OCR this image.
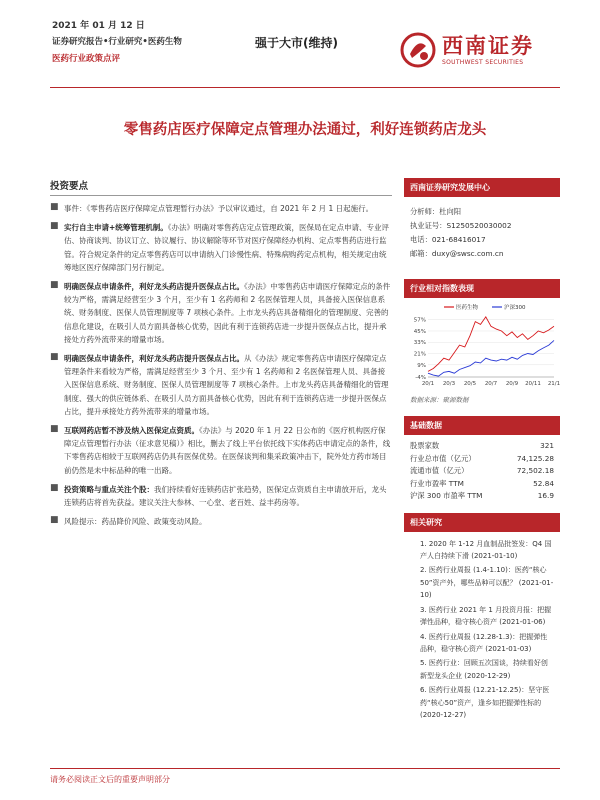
2021 年 01 月 12 日
证券研究报告•行业研究•医药生物
医药行业政策点评
强于大市(维持)	西南证券
SOUTHWEST SECURITIES
零售药店医疗保障定点管理办法通过，利好连锁药店龙头
投资要点
■ 事件：《零售药店医疗保障定点管理暂行办法》予以审议通过，自 2021 年 2 月 1 日起施行。
■ 实行自主申请+统筹管理机制。《办法》明确对零售药店定点管理政策，医保局在定点申请、专业评估、协商谈判、协议订立、协议履行、协议解除等环节对医疗保障经办机构、定点零售药店进行监管。符合规定条件的定点零售药店可以申请纳入门诊慢性病、特殊病购药定点机构，相关规定由统筹地区医疗保障部门另行制定。
■ 明确医保点申请条件，利好龙头药店提升医保点占比。《办法》中零售药店申请医疗保障定点的条件较为严格，需满足经营至少 3 个月，至少有 1 名药师和 2 名医保管理人员，具备接入医保信息系统、财务制度、医保人员管理制度等 7 项核心条件。上市龙头药店具备精细化的管理制度、完善的信息化建设，在吸引人员方面具备核心优势，因此有利于连锁药店进一步提升医保点占比，提升承接处方药外流带来的增量市场。
■ 明确医保点申请条件，利好龙头药店提升医保点占比。从《办法》规定零售药店申请医疗保障定点管理条件来看较为严格，需满足经营至少 3 个月、至少有 1 名药师和 2 名医保管理人员、具备接入医保信息系统、财务制度、医保人员管理制度等 7 项核心条件。上市龙头药店具备精细化的管理制度、强大的供应链体系、在吸引人员方面具备核心优势，因此有利于连锁药店进一步提升医保点占比，提升承接处方药外流带来的增量市场。
■ 互联网药店暂不涉及纳入医保定点资质。《办法》与 2020 年 1 月 22 日公布的《医疗机构医疗保障定点管理暂行办法（征求意见稿）》相比，删去了线上平台依托线下实体药店申请定点的条件，线下零售药店相较于互联网药店仍具有医保优势。在医保谈判和集采政策冲击下，院外处方药市场目前仍然是未中标品种的唯一出路。
■ 投资策略与重点关注个股：我们持续看好连锁药店扩张趋势，医保定点资质自主申请放开后，龙头连锁药店将首先获益。建议关注大参林、一心堂、老百姓、益丰药房等。
■ 风险提示：药品降价风险、政策变动风险。
西南证券研究发展中心
分析师：杜向阳
执业证号：S1250520030002
电话：021-68416017
邮箱：duxy@swsc.com.cn
行业相对指数表现
-4%
9%
21%
33%
45%
57%
20/1 20/3 20/5 20/7 20/9 20/11 21/1
医药生物	沪深300
数据来源：聚源数据
基础数据
股票家数	321
行业总市值（亿元）	74,125.28
流通市值（亿元）	72,502.18
行业市盈率 TTM	52.84
沪深 300 市盈率 TTM	16.9
相关研究
1. 2020 年 1-12 月血制品批签发：Q4 国产人白持续下滑 (2021-01-10)
2. 医药行业周报 (1.4-1.10)：医药“核心50”资产外，哪些品种可以配？ (2021-01-10)
3. 医药行业 2021 年 1 月投资月报：把握弹性品种，稳守核心资产 (2021-01-06)
4. 医药行业周报 (12.28-1.3)：把握弹性品种，稳守核心资产 (2021-01-03)
5. 医药行业：回顾五次国谈，持续看好创新型龙头企业 (2020-12-29)
6. 医药行业周报 (12.21-12.25)：坚守医药“核心50”资产，逢乡如把握弹性标的 (2020-12-27)
请务必阅读正文后的重要声明部分
